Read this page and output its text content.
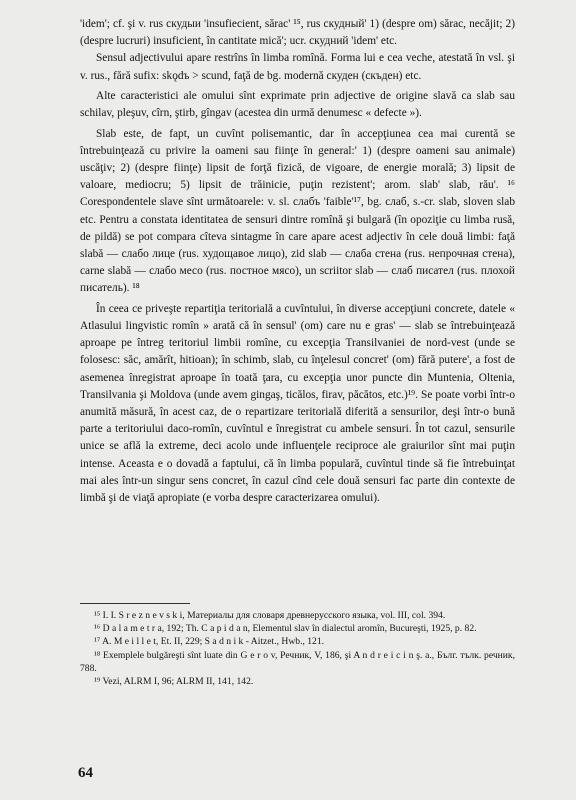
'idem'; cf. şi v. rus скудыи 'insufiecient, sărac' ¹⁵, rus скудный' 1) (despre om) sărac, necăjit; 2) (despre lucruri) insuficient, în cantitate mică'; ucr. скудний 'idem' etc.

Sensul adjectivului apare restrîns în limba romînă. Forma lui e cea veche, atestată în vsl. şi v. rus., fără sufix: skǫdъ > scund, faţă de bg. modernă скуден (скъден) etc.

Alte caracteristici ale omului sînt exprimate prin adjective de origine slavă ca slab sau schilav, pleşuv, cîrn, ştirb, gîngav (acestea din urmă denumesc « defecte »).

Slab este, de fapt, un cuvînt polisemantic, dar în accepţiunea cea mai curentă se întrebuinţează cu privire la oameni sau fiinţe în general:' 1) (despre oameni sau animale) uscăţiv; 2) (despre fiinţe) lipsit de forţă fizică, de vigoare, de energie morală; 3) lipsit de valoare, mediocru; 5) lipsit de trăinicie, puţin rezistent'; arom. slab' slab, rău'. ¹⁶ Corespondentele slave sînt următoarele: v. sl. слабъ 'faible'¹⁷, bg. слаб, s.-cr. slab, sloven slab etc. Pentru a constata identitatea de sensuri dintre romînă şi bulgară (în opoziţie cu limba rusă, de pildă) se pot compara cîteva sintagme în care apare acest adjectiv în cele două limbi: faţă slabă — слабо лице (rus. худощавое лицо), zid slab — слаба стена (rus. непрочная стена), carne slabă — слабо месо (rus. постное мясо), un scriitor slab — слаб писател (rus. плохой писатель). ¹⁸

În ceea ce priveşte repartiţia teritorială a cuvîntului, în diverse accepţiuni concrete, datele « Atlasului lingvistic romîn » arată că în sensul' (om) care nu e gras' — slab se întrebuinţează aproape pe întreg teritoriul limbii romîne, cu excepţia Transilvaniei de nord-vest (unde se folosesc: săc, amărît, hitioan); în schimb, slab, cu înţelesul concret' (om) fără putere', a fost de asemenea înregistrat aproape în toată ţara, cu excepţia unor puncte din Muntenia, Oltenia, Transilvania şi Moldova (unde avem gingaş, ticălos, firav, păcătos, etc.)¹⁹. Se poate vorbi într-o anumită măsură, în acest caz, de o repartizare teritorială diferită a sensurilor, deşi într-o bună parte a teritoriului daco-romîn, cuvîntul e înregistrat cu ambele sensuri. În tot cazul, sensurile unice se află la extreme, deci acolo unde influenţele reciproce ale graiurilor sînt mai puţin intense. Aceasta e o dovadă a faptului, că în limba populară, cuvîntul tinde să fie întrebuinţat mai ales într-un singur sens concret, în cazul cînd cele două sensuri fac parte din contexte de limbă şi de viaţă apropiate (e vorba despre caracterizarea omului).

¹⁵ I. I. S r e z n e v s k i, Материалы для словаря древнерусского языка, vol. III, col. 394.

¹⁶ D a l a m e t r a, 192; Th. C a p i d a n, Elementul slav în dialectul aromîn, Bucureşti, 1925, p. 82.

¹⁷ A. M e i l l e t, Et. II, 229; S a d n i k - Aitzet., Hwb., 121.

¹⁸ Exemplele bulgăreşti sînt luate din G e r o v, Речник, V, 186, şi A n d r e i c i n ş. a., Бълг. тълк. речник, 788.

¹⁹ Vezi, ALRM I, 96; ALRM II, 141, 142.

64
